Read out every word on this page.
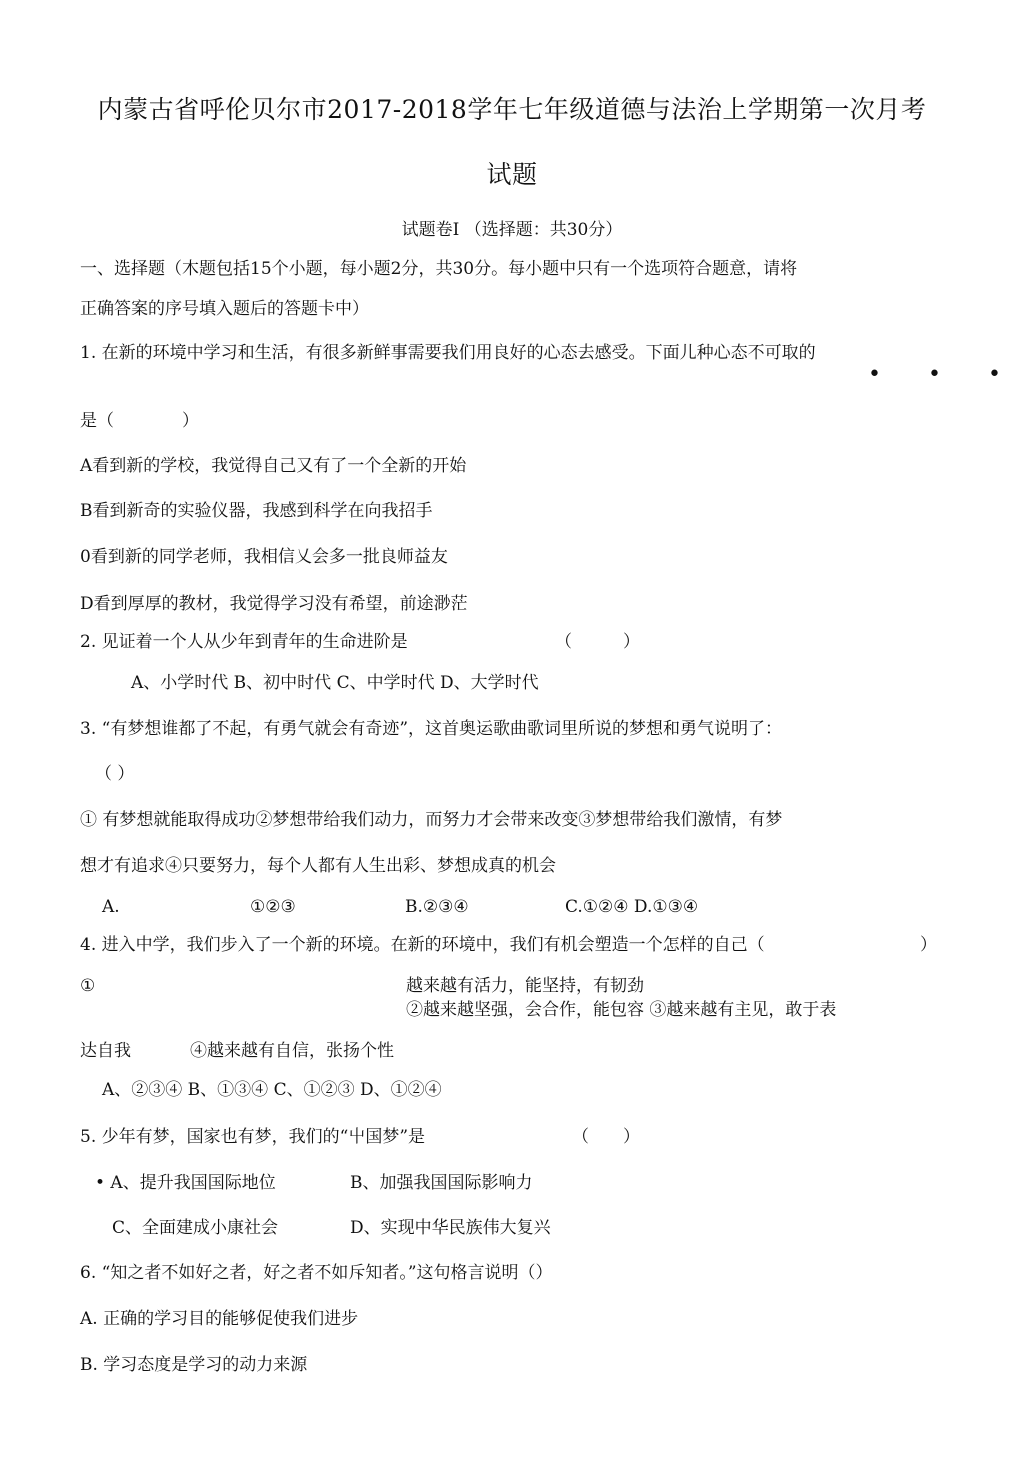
内蒙古省呼伦贝尔市2017-2018学年七年级道德与法治上学期第一次月考
试题
试题卷I （选择题：共30分）
一、选择题（木题包括15个小题，每小题2分，共30分。每小题中只有一个选项符合题意，请将
正确答案的序号填入题后的答题卡中）
1. 在新的环境中学习和生活，有很多新鲜事需要我们用良好的心态去感受。下面儿种心态不可取的
• • •
是（　　　　）
A看到新的学校，我觉得自己又有了一个全新的开始
B看到新奇的实验仪器，我感到科学在向我招手
0看到新的同学老师，我相信乂会多一批良师益友
D看到厚厚的教材，我觉得学习没有希望，前途渺茫
2. 见证着一个人从少年到青年的生命进阶是	（　　　）
A、小学时代 B、初中时代 C、中学时代 D、大学时代
3. “有梦想谁都了不起，有勇气就会有奇迹”，这首奥运歌曲歌词里所说的梦想和勇气说明了：
（ ）
① 有梦想就能取得成功②梦想带给我们动力，而努力才会带来改变③梦想带给我们激情，有梦
想才有追求④只要努力，每个人都有人生出彩、梦想成真的机会
A.	①②③	B.②③④	C.①②④ D.①③④
4. 进入中学，我们步入了一个新的环境。在新的环境中，我们有机会塑造一个怎样的自己（	）
①	越来越有活力，能坚持，有韧劲
②越来越坚强，会合作，能包容 ③越来越有主见，敢于表
达自我	④越来越有自信，张扬个性
A、②③④ B、①③④ C、①②③ D、①②④
5. 少年有梦，国家也有梦，我们的“屮国梦”是	（　　）
• A、提升我国国际地位	B、加强我国国际影响力
C、全面建成小康社会	D、实现中华民族伟大复兴
6. “知之者不如好之者，好之者不如斥知者。”这句格言说明（）
A. 正确的学习目的能够促使我们进步
B. 学习态度是学习的动力来源
